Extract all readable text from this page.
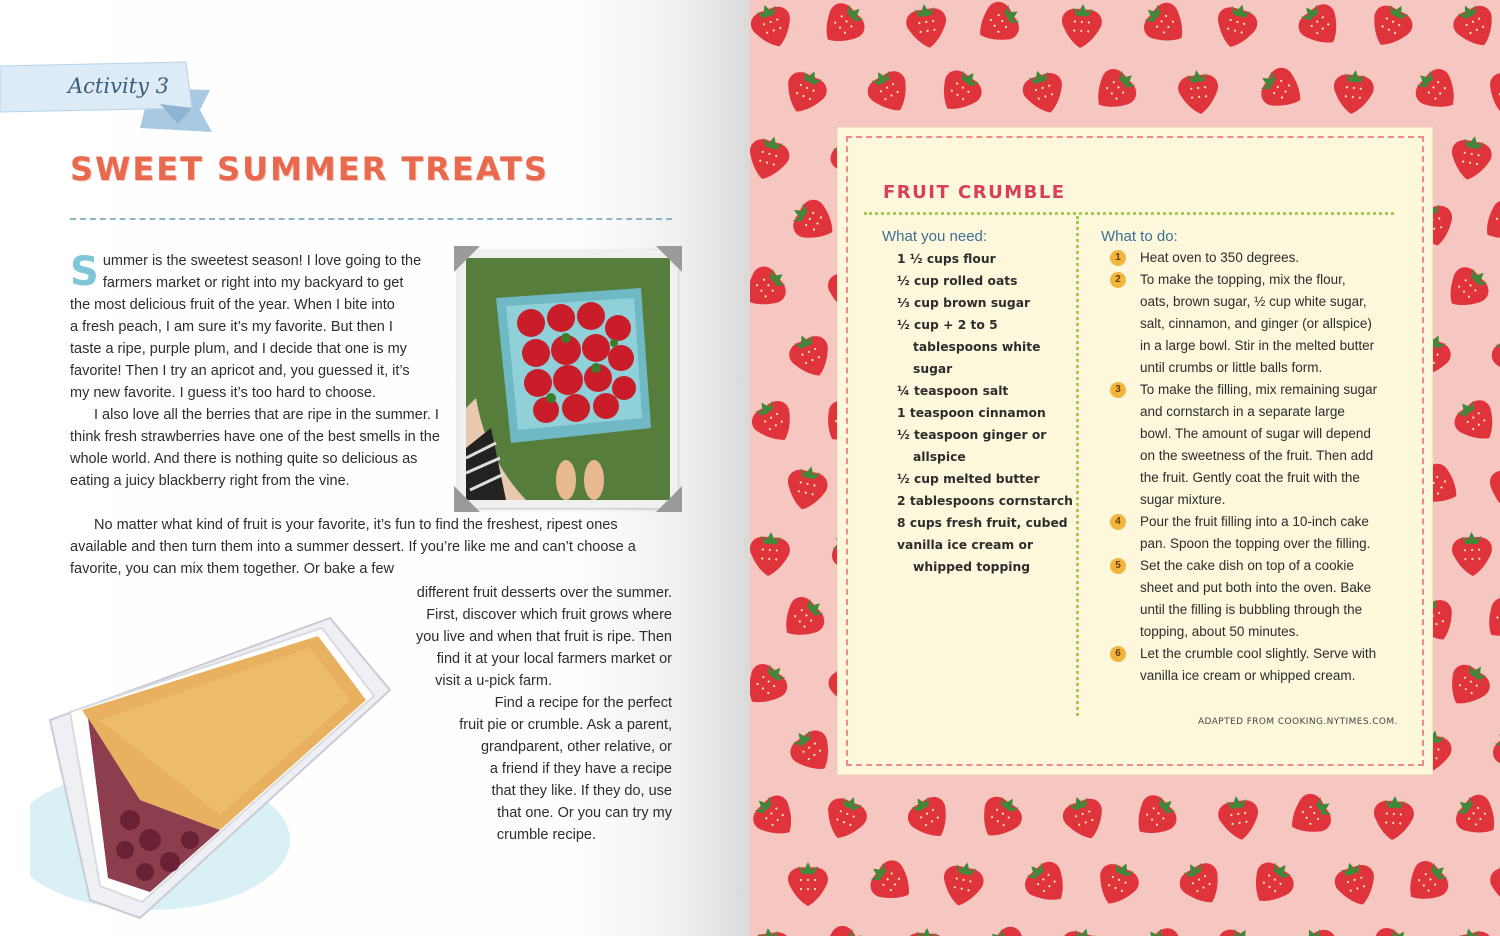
Activity 3
SWEET SUMMER TREATS
S ummer is the sweetest season! I love going to the
farmers market or right into my backyard to get
the most delicious fruit of the year. When I bite into
a fresh peach, I am sure it’s my favorite. But then I
taste a ripe, purple plum, and I decide that one is my
favorite! Then I try an apricot and, you guessed it, it’s
my new favorite. I guess it’s too hard to choose.

I also love all the berries that are ripe in the summer. I think fresh strawberries have one of the best smells in the whole world. And there is nothing quite so delicious as eating a juicy blackberry right from the vine.

No matter what kind of fruit is your favorite, it’s fun to find the freshest, ripest ones available and then turn them into a summer dessert. If you’re like me and can’t choose a favorite, you can mix them together. Or bake a few

different fruit desserts over the summer.
First, discover which fruit grows where
you live and when that fruit is ripe. Then
find it at your local farmers market or
visit a u-pick farm.
Find a recipe for the perfect
fruit pie or crumble. Ask a parent,
grandparent, other relative, or
a friend if they have a recipe
that they like. If they do, use
that one. Or you can try my
crumble recipe.
FRUIT CRUMBLE
What you need:	What to do:
1 ½ cups flour
½ cup rolled oats
⅓ cup brown sugar
½ cup + 2 to 5
tablespoons white
sugar
¼ teaspoon salt
1 teaspoon cinnamon
½ teaspoon ginger or
allspice
½ cup melted butter
2 tablespoons cornstarch
8 cups fresh fruit, cubed
vanilla ice cream or
whipped topping
1	Heat oven to 350 degrees.
2	To make the topping, mix the flour,
oats, brown sugar, ½ cup white sugar,
salt, cinnamon, and ginger (or allspice)
in a large bowl. Stir in the melted butter
until crumbs or little balls form.
3	To make the filling, mix remaining sugar
and cornstarch in a separate large
bowl. The amount of sugar will depend
on the sweetness of the fruit. Then add
the fruit. Gently coat the fruit with the
sugar mixture.
4	Pour the fruit filling into a 10-inch cake
pan. Spoon the topping over the filling.
5	Set the cake dish on top of a cookie
sheet and put both into the oven. Bake
until the filling is bubbling through the
topping, about 50 minutes.
6	Let the crumble cool slightly. Serve with
vanilla ice cream or whipped cream.
ADAPTED FROM COOKING.NYTIMES.COM.
